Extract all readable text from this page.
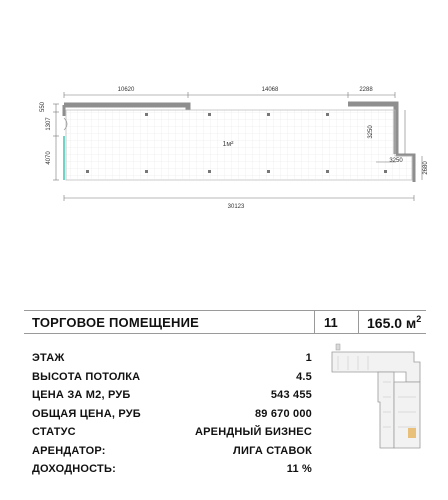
1м²
10620	14068	2288
30123
550
1307
4070
3250
3250
2680
ТОРГОВОЕ ПОМЕЩЕНИЕ	11 165.0 $м^2$
ЭТАЖ	1
ВЫСОТА ПОТОЛКА	4.5
ЦЕНА ЗА М2, РУБ	543 455
ОБЩАЯ ЦЕНА, РУБ	89 670 000
СТАТУС	АРЕНДНЫЙ БИЗНЕС
АРЕНДАТОР:	ЛИГА СТАВОК
ДОХОДНОСТЬ:	11 %
